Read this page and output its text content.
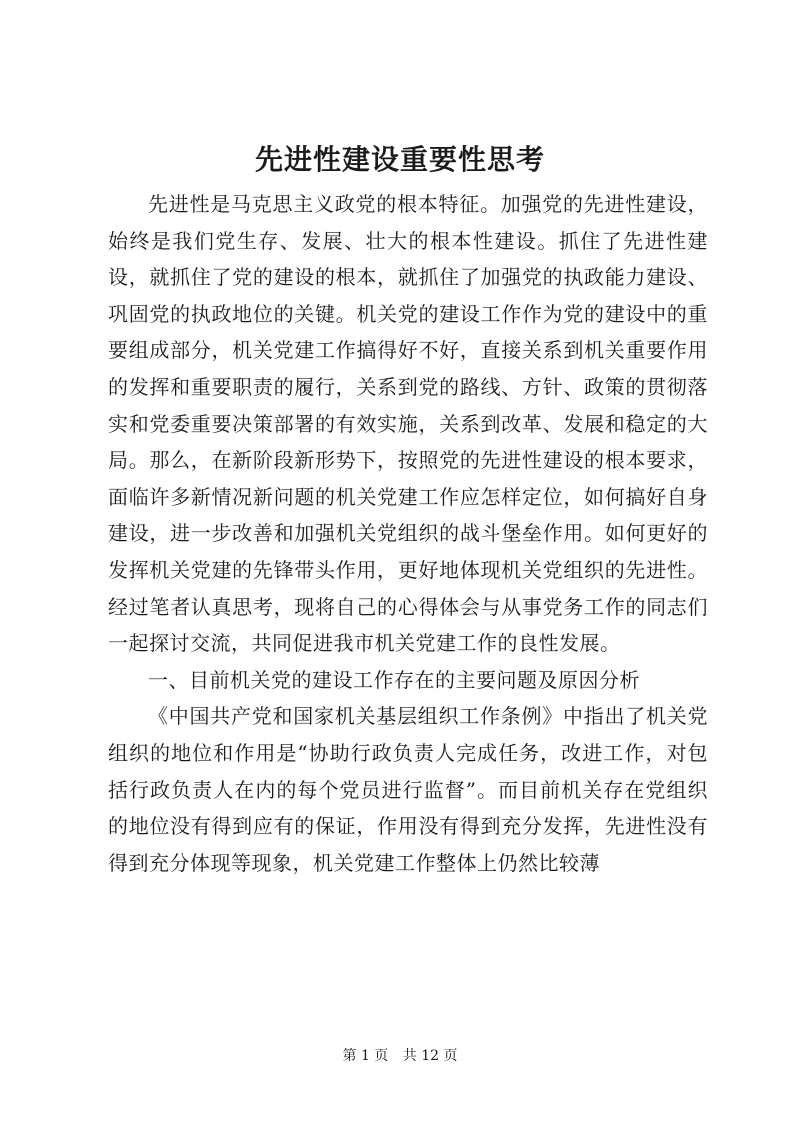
先进性建设重要性思考

先进性是马克思主义政党的根本特征。加强党的先进性建设，始终是我们党生存、发展、壮大的根本性建设。抓住了先进性建设，就抓住了党的建设的根本，就抓住了加强党的执政能力建设、巩固党的执政地位的关键。机关党的建设工作作为党的建设中的重要组成部分，机关党建工作搞得好不好，直接关系到机关重要作用的发挥和重要职责的履行，关系到党的路线、方针、政策的贯彻落实和党委重要决策部署的有效实施，关系到改革、发展和稳定的大局。那么，在新阶段新形势下，按照党的先进性建设的根本要求，面临许多新情况新问题的机关党建工作应怎样定位，如何搞好自身建设，进一步改善和加强机关党组织的战斗堡垒作用。如何更好的发挥机关党建的先锋带头作用，更好地体现机关党组织的先进性。经过笔者认真思考，现将自己的心得体会与从事党务工作的同志们一起探讨交流，共同促进我市机关党建工作的良性发展。

一、目前机关党的建设工作存在的主要问题及原因分析

《中国共产党和国家机关基层组织工作条例》中指出了机关党组织的地位和作用是“协助行政负责人完成任务，改进工作，对包括行政负责人在内的每个党员进行监督”。而目前机关存在党组织的地位没有得到应有的保证，作用没有得到充分发挥，先进性没有得到充分体现等现象，机关党建工作整体上仍然比较薄

第 1 页 共 12 页
